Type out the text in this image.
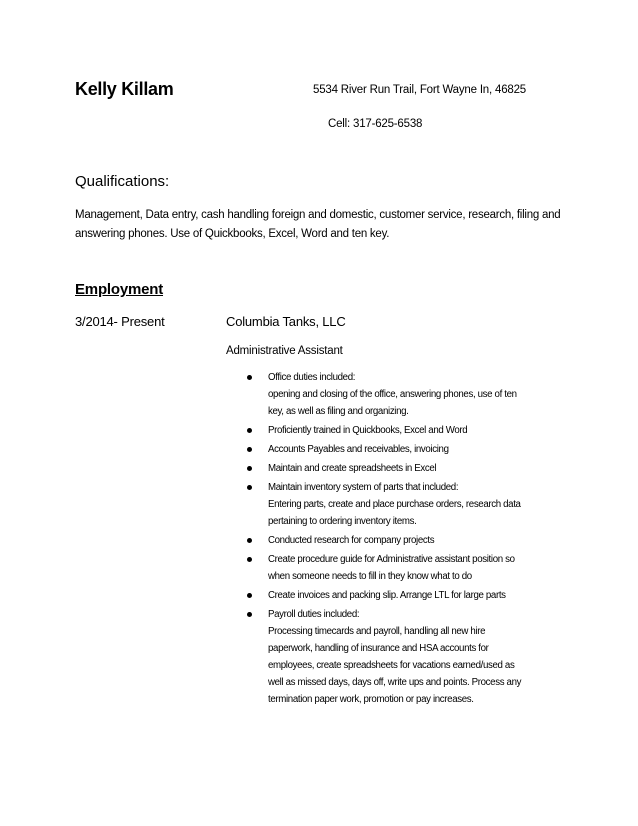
Kelly Killam	5534 River Run Trail, Fort Wayne In, 46825
Cell: 317-625-6538
Qualifications:
Management, Data entry, cash handling foreign and domestic, customer service, research, filing and answering phones. Use of Quickbooks, Excel, Word and ten key.
Employment
3/2014- Present	Columbia Tanks, LLC
Administrative Assistant
Office duties included:
opening and closing of the office, answering phones, use of ten
key, as well as filing and organizing.
Proficiently trained in Quickbooks, Excel and Word
Accounts Payables and receivables, invoicing
Maintain and create spreadsheets in Excel
Maintain inventory system of parts that included:
Entering parts, create and place purchase orders, research data
pertaining to ordering inventory items.
Conducted research for company projects
Create procedure guide for Administrative assistant position so
when someone needs to fill in they know what to do
Create invoices and packing slip. Arrange LTL for large parts
Payroll duties included:
Processing timecards and payroll, handling all new hire
paperwork, handling of insurance and HSA accounts for
employees, create spreadsheets for vacations earned/used as
well as missed days, days off, write ups and points. Process any
termination paper work, promotion or pay increases.
